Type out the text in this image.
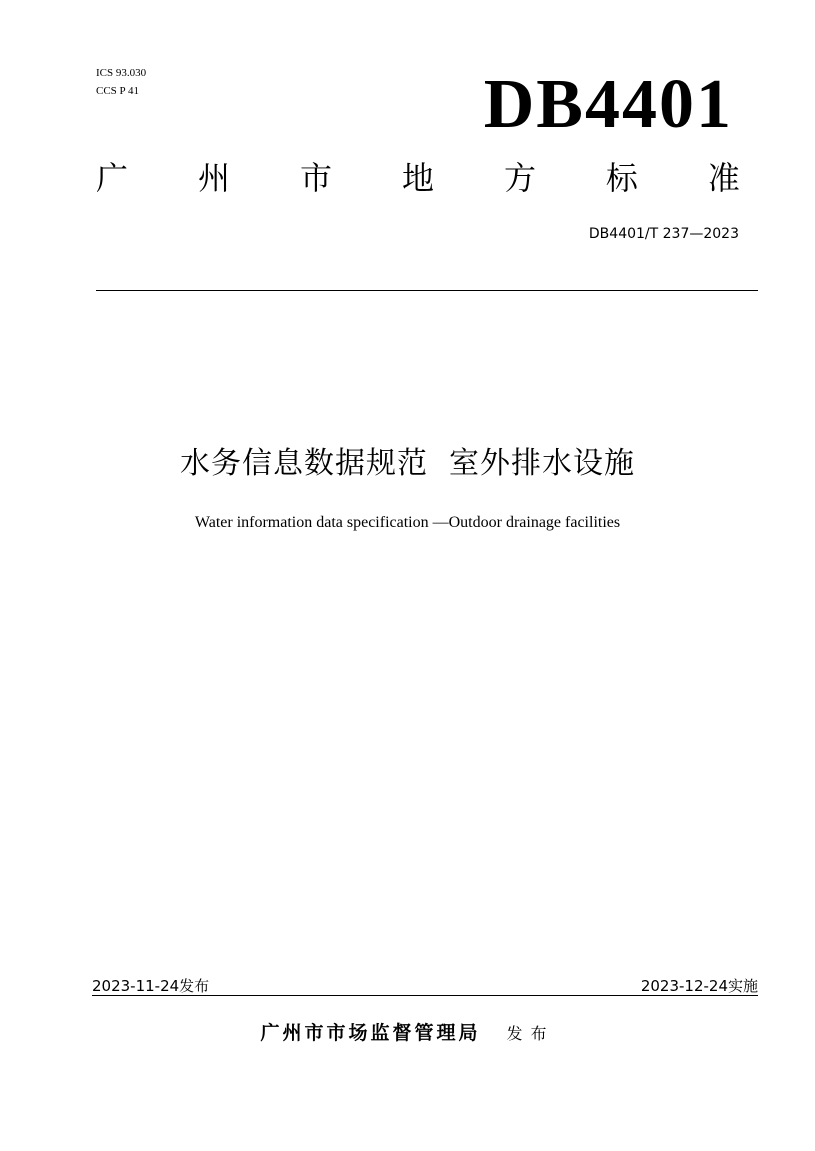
ICS 93.030
CCS P 41	DB4401
广 州 市 地 方 标 准
DB4401/T 237—2023
水务信息数据规范  室外排水设施
Water information data specification —Outdoor drainage facilities
2023-11-24发布	2023-12-24实施
广州市市场监督管理局 发布
